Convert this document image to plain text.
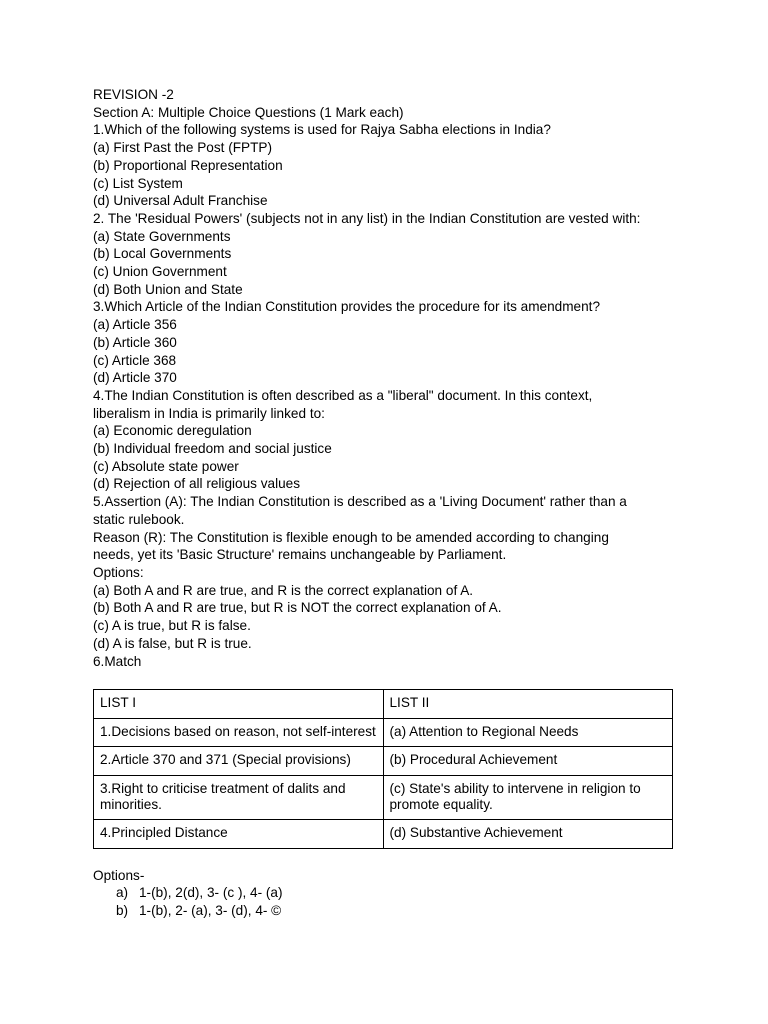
REVISION -2
Section A: Multiple Choice Questions (1 Mark each)
1.Which of the following systems is used for Rajya Sabha elections in India?
(a) First Past the Post (FPTP)
(b) Proportional Representation
(c) List System
(d) Universal Adult Franchise
2. The 'Residual Powers' (subjects not in any list) in the Indian Constitution are vested with:
(a) State Governments
(b) Local Governments
(c) Union Government
(d) Both Union and State
3.Which Article of the Indian Constitution provides the procedure for its amendment?
(a) Article 356
(b) Article 360
(c) Article 368
(d) Article 370
4.The Indian Constitution is often described as a "liberal" document. In this context,
liberalism in India is primarily linked to:
(a) Economic deregulation
(b) Individual freedom and social justice
(c) Absolute state power
(d) Rejection of all religious values
5.Assertion (A): The Indian Constitution is described as a 'Living Document' rather than a
static rulebook.
Reason (R): The Constitution is flexible enough to be amended according to changing
needs, yet its 'Basic Structure' remains unchangeable by Parliament.
Options:
(a) Both A and R are true, and R is the correct explanation of A.
(b) Both A and R are true, but R is NOT the correct explanation of A.
(c) A is true, but R is false.
(d) A is false, but R is true.
6.Match
LIST I	LIST II
1.Decisions based on reason, not self-interest	(a) Attention to Regional Needs
2.Article 370 and 371 (Special provisions)	(b) Procedural Achievement
3.Right to criticise treatment of dalits and minorities.	(c) State's ability to intervene in religion to promote equality.
4.Principled Distance	(d) Substantive Achievement
Options-
a) 1-(b), 2(d), 3- (c ), 4- (a)
b) 1-(b), 2- (a), 3- (d), 4- ©
